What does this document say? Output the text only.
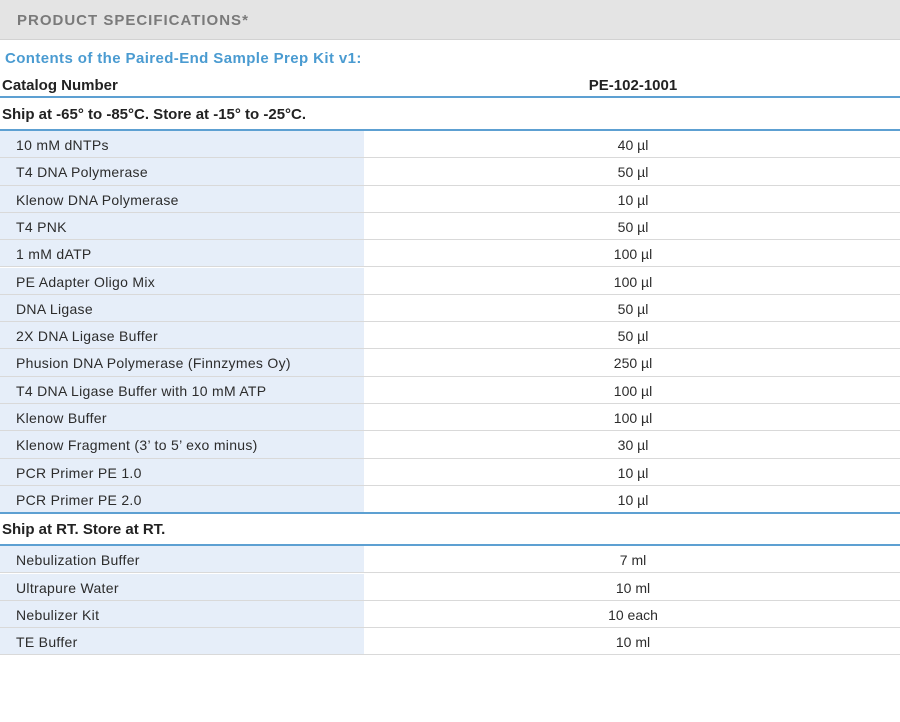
PRODUCT SPECIFICATIONS*
Contents of the Paired-End Sample Prep Kit v1:
Catalog Number	PE-102-1001
Ship at -65° to -85°C. Store at -15° to -25°C.
10 mM dNTPs	40 µl
T4 DNA Polymerase	50 µl
Klenow DNA Polymerase	10 µl
T4 PNK	50 µl
1 mM dATP	100 µl
PE Adapter Oligo Mix	100 µl
DNA Ligase	50 µl
2X DNA Ligase Buffer	50 µl
Phusion DNA Polymerase (Finnzymes Oy)	250 µl
T4 DNA Ligase Buffer with 10 mM ATP	100 µl
Klenow Buffer	100 µl
Klenow Fragment (3’ to 5’ exo minus)	30 µl
PCR Primer PE 1.0	10 µl
PCR Primer PE 2.0	10 µl
Ship at RT. Store at RT.
Nebulization Buffer	7 ml
Ultrapure Water	10 ml
Nebulizer Kit	10 each
TE Buffer	10 ml
